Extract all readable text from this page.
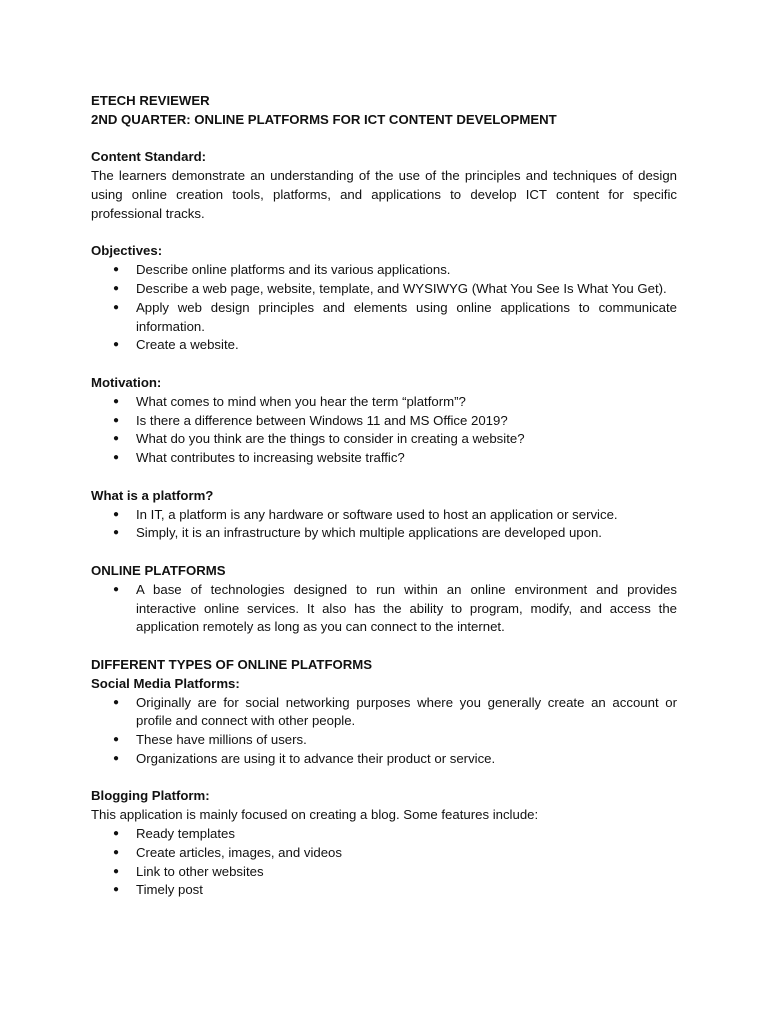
ETECH REVIEWER
2ND QUARTER: ONLINE PLATFORMS FOR ICT CONTENT DEVELOPMENT
Content Standard:

The learners demonstrate an understanding of the use of the principles and techniques of design using online creation tools, platforms, and applications to develop ICT content for specific professional tracks.

Objectives:
● Describe online platforms and its various applications.
● Describe a web page, website, template, and WYSIWYG (What You See Is What You Get).
● Apply web design principles and elements using online applications to communicate information.
● Create a website.
Motivation:
● What comes to mind when you hear the term “platform”?
● Is there a difference between Windows 11 and MS Office 2019?
● What do you think are the things to consider in creating a website?
● What contributes to increasing website traffic?
What is a platform?
● In IT, a platform is any hardware or software used to host an application or service.
● Simply, it is an infrastructure by which multiple applications are developed upon.
ONLINE PLATFORMS
● A base of technologies designed to run within an online environment and provides interactive online services. It also has the ability to program, modify, and access the application remotely as long as you can connect to the internet.
DIFFERENT TYPES OF ONLINE PLATFORMS
Social Media Platforms:
● Originally are for social networking purposes where you generally create an account or profile and connect with other people.
● These have millions of users.
● Organizations are using it to advance their product or service.
Blogging Platform:

This application is mainly focused on creating a blog. Some features include:

● Ready templates
● Create articles, images, and videos
● Link to other websites
● Timely post
